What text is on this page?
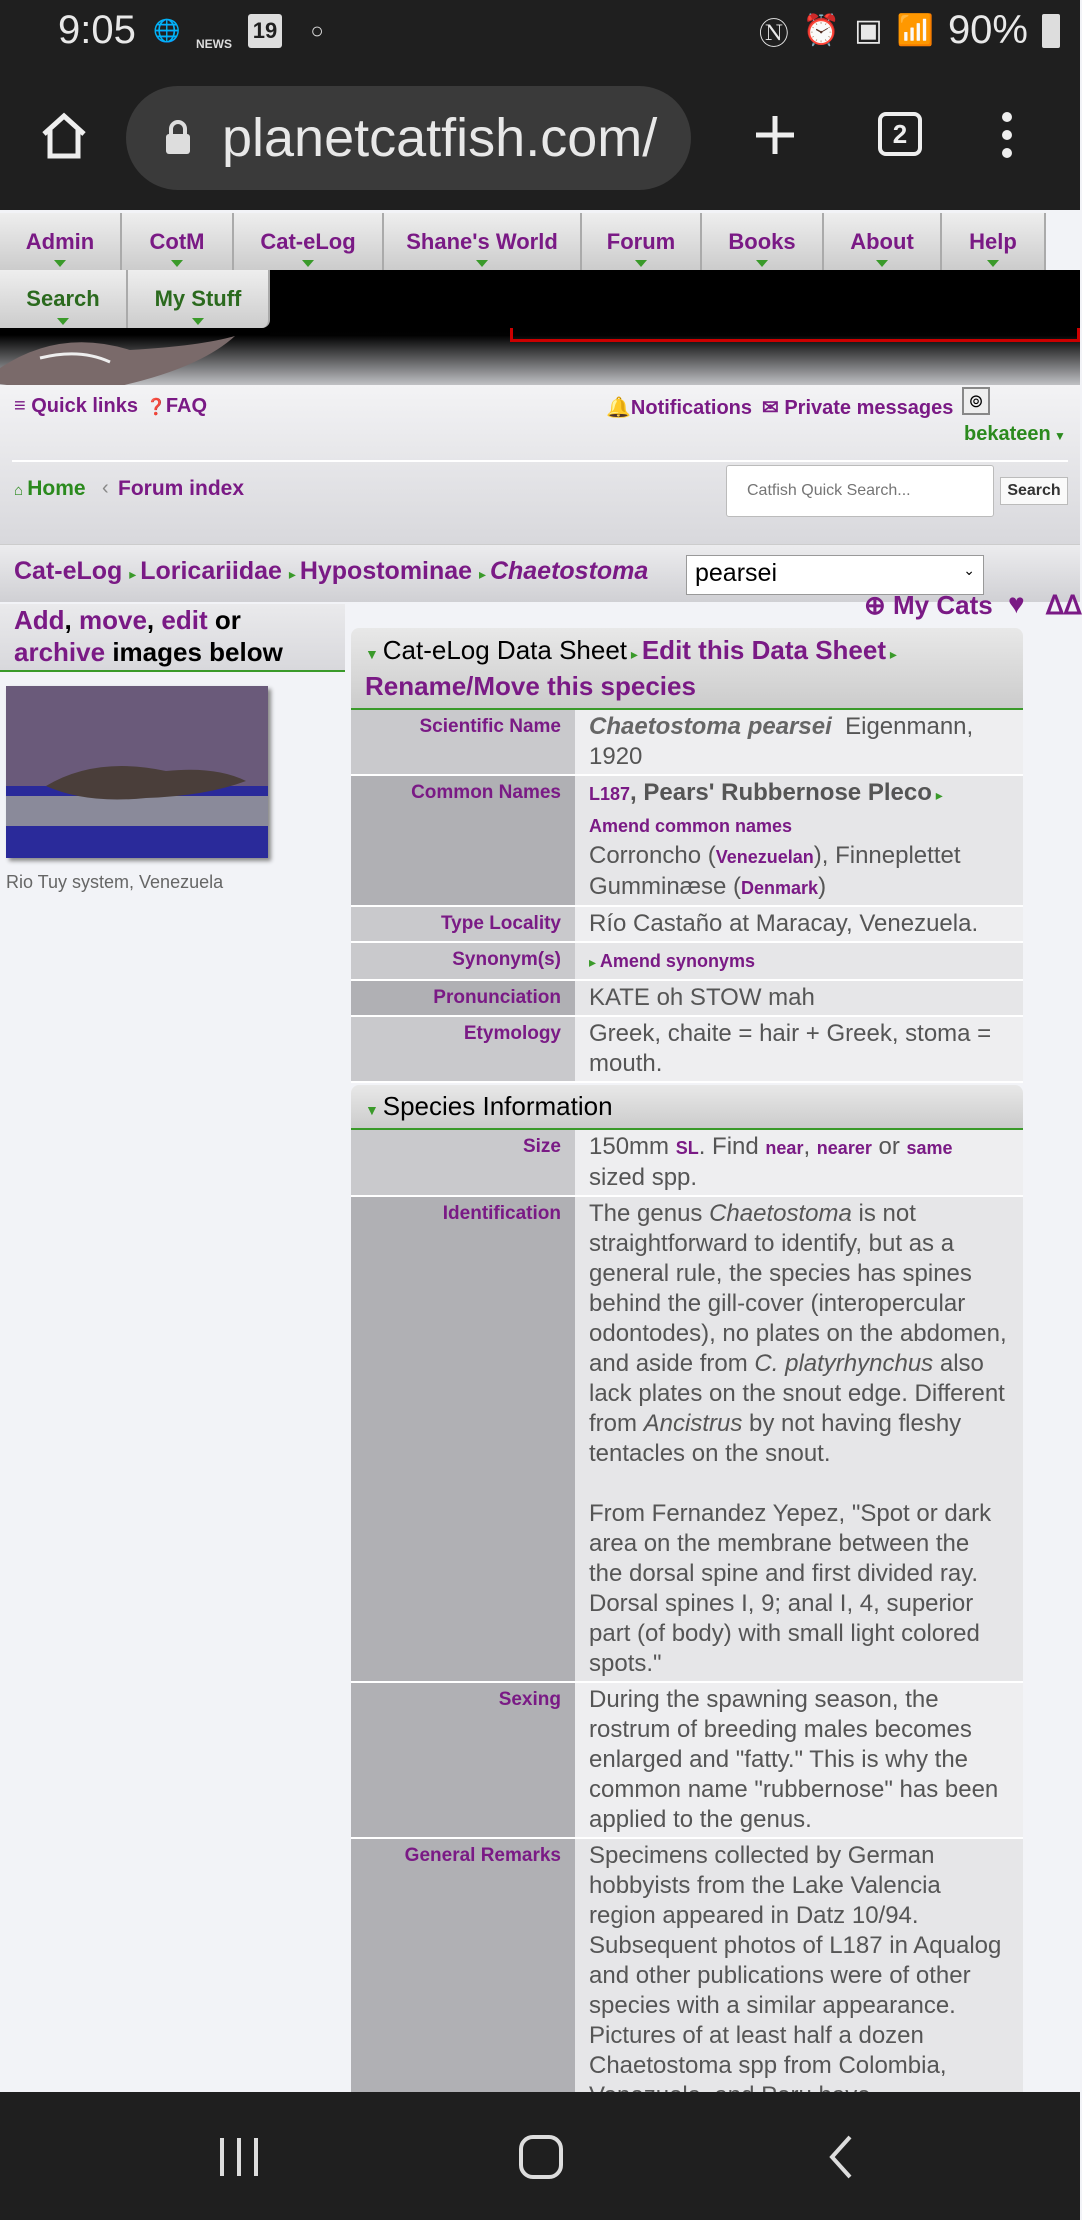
9:05 🌐
NEWS
19	○	Ⓝ ⏰ ▣ 📶 90%
planetcatfish.com/	2
Admin	CotM	Cat-eLog	Shane's World	Forum	Books	About	Help
Search	My Stuff
≡ Quick links ❓FAQ	🔔Notifications ✉ Private messages ⊚
bekateen ▼
⌂ Home ‹ Forum index
Catfish Quick Search...	Search
Cat-eLog ▸ Loricariidae ▸ Hypostominae ▸ Chaetostoma	pearsei	⌄
⊕ My Cats ♥ ᐃᐃ
Add, move, edit or archive images below
Rio Tuy system, Venezuela
▼ Cat-eLog Data Sheet ▸ Edit this Data Sheet ▸
Rename/Move this species
Scientific Name	Chaetostoma pearsei Eigenmann, 1920
Common Names	L187, Pears' Rubbernose Pleco ▸
Amend common names
Corroncho (Venezuelan), Finneplettet Gumminæse (Denmark)
Type Locality	Río Castaño at Maracay, Venezuela.
Synonym(s)	▸ Amend synonyms
Pronunciation	KATE oh STOW mah
Etymology	Greek, chaite = hair + Greek, stoma = mouth.
▼ Species Information
Size	150mm SL. Find near, nearer or same sized spp.
Identification	The genus Chaetostoma is not straightforward to identify, but as a general rule, the species has spines behind the gill-cover (interopercular odontodes), no plates on the abdomen, and aside from C. platyrhynchus also lack plates on the snout edge. Different from Ancistrus by not having fleshy tentacles on the snout.

From Fernandez Yepez, "Spot or dark area on the membrane between the the dorsal spine and first divided ray. Dorsal spines I, 9; anal I, 4, superior part (of body) with small light colored spots."
Sexing	During the spawning season, the rostrum of breeding males becomes enlarged and "fatty." This is why the common name "rubbernose" has been applied to the genus.
General Remarks	Specimens collected by German hobbyists from the Lake Valencia region appeared in Datz 10/94. Subsequent photos of L187 in Aqualog and other publications were of other species with a similar appearance. Pictures of at least half a dozen Chaetostoma spp from Colombia,
